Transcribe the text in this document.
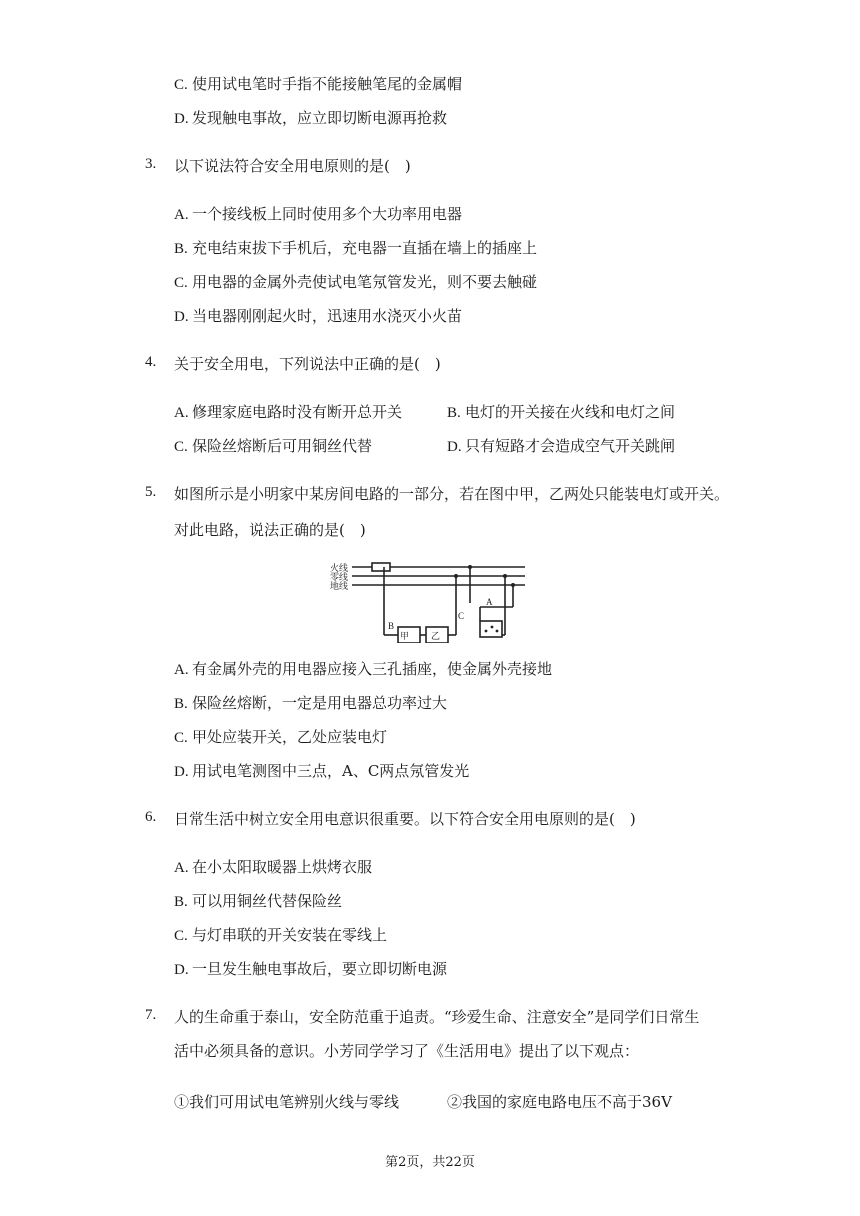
C. 使用试电笔时手指不能接触笔尾的金属帽
D. 发现触电事故，应立即切断电源再抢救
3. 以下说法符合安全用电原则的是(　)
A. 一个接线板上同时使用多个大功率用电器
B. 充电结束拔下手机后，充电器一直插在墙上的插座上
C. 用电器的金属外壳使试电笔氖管发光，则不要去触碰
D. 当电器刚刚起火时，迅速用水浇灭小火苗
4. 关于安全用电，下列说法中正确的是(　)
A. 修理家庭电路时没有断开总开关	B. 电灯的开关接在火线和电灯之间
C. 保险丝熔断后可用铜丝代替	D. 只有短路才会造成空气开关跳闸
5. 如图所示是小明家中某房间电路的一部分，若在图中甲，乙两处只能装电灯或开关。
对此电路，说法正确的是(　)
火线
零线
地线
甲 乙
A
B
C
A. 有金属外壳的用电器应接入三孔插座，使金属外壳接地
B. 保险丝熔断，一定是用电器总功率过大
C. 甲处应装开关，乙处应装电灯
D. 用试电笔测图中三点，A、C两点氖管发光
6. 日常生活中树立安全用电意识很重要。以下符合安全用电原则的是(　)
A. 在小太阳取暖器上烘烤衣服
B. 可以用铜丝代替保险丝
C. 与灯串联的开关安装在零线上
D. 一旦发生触电事故后，要立即切断电源
7. 人的生命重于泰山，安全防范重于追责。“珍爱生命、注意安全”是同学们日常生
活中必须具备的意识。小芳同学学习了《生活用电》提出了以下观点：
①我们可用试电笔辨别火线与零线	②我国的家庭电路电压不高于36V
第2页，共22页
